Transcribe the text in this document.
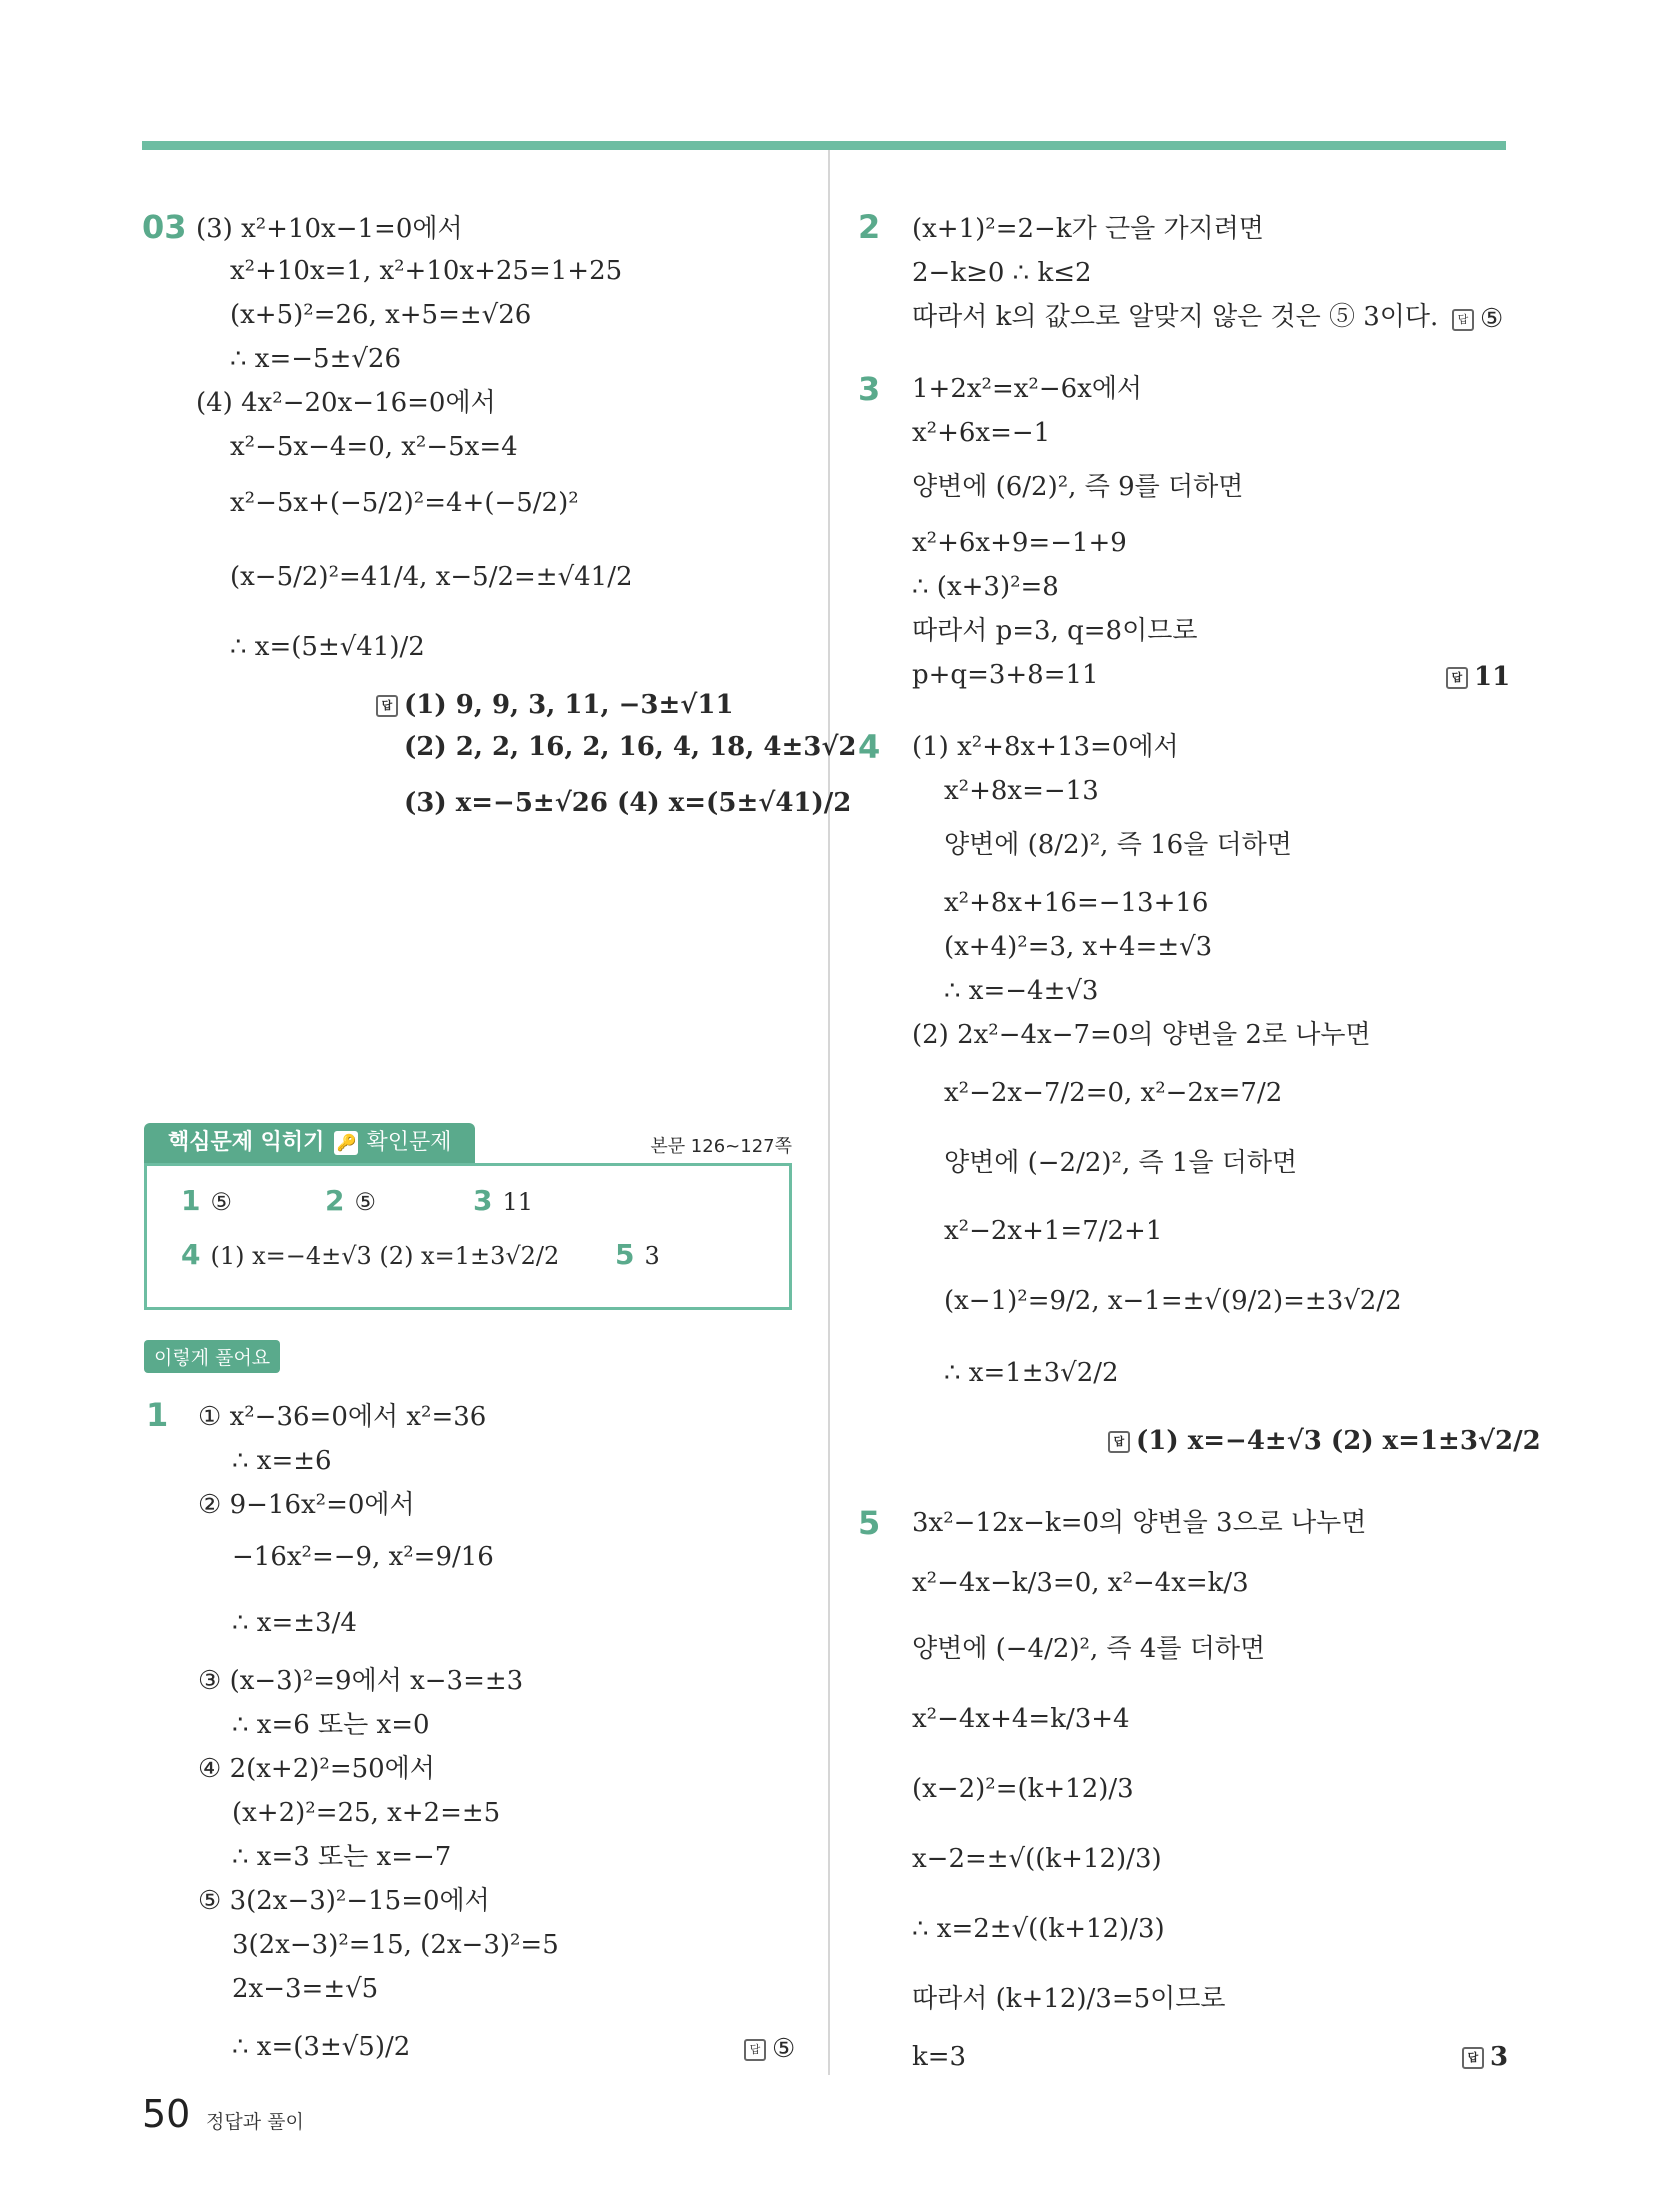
03 (3) x²+10x−1=0에서
x²+10x=1, x²+10x+25=1+25
(x+5)²=26, x+5=±√26
∴ x=−5±√26
(4) 4x²−20x−16=0에서
x²−5x−4=0, x²−5x=4
x²−5x+(−5/2)²=4+(−5/2)²
(x−5/2)²=41/4, x−5/2=±√41/2
∴ x=(5±√41)/2
답 (1) 9, 9, 3, 11, −3±√11
(2) 2, 2, 16, 2, 16, 4, 18, 4±3√2
(3) x=−5±√26 (4) x=(5±√41)/2
핵심문제 익히기 🔑 확인문제	본문 126~127쪽
1 ⑤	2 ⑤	3 11
4 (1) x=−4±√3 (2) x=1±3√2/2 5 3
이렇게 풀어요
1 ① x²−36=0에서 x²=36
∴ x=±6
② 9−16x²=0에서
−16x²=−9, x²=9/16
∴ x=±3/4
③ (x−3)²=9에서 x−3=±3
∴ x=6 또는 x=0
④ 2(x+2)²=50에서
(x+2)²=25, x+2=±5
∴ x=3 또는 x=−7
⑤ 3(2x−3)²−15=0에서
3(2x−3)²=15, (2x−3)²=5
2x−3=±√5
∴ x=(3±√5)/2	답 ⑤
2 (x+1)²=2−k가 근을 가지려면
2−k≥0 ∴ k≤2
따라서 k의 값으로 알맞지 않은 것은 ⑤ 3이다.	답 ⑤
3 1+2x²=x²−6x에서
x²+6x=−1
양변에 (6/2)², 즉 9를 더하면
x²+6x+9=−1+9
∴ (x+3)²=8
따라서 p=3, q=8이므로
p+q=3+8=11	답 11
4 (1) x²+8x+13=0에서
x²+8x=−13
양변에 (8/2)², 즉 16을 더하면
x²+8x+16=−13+16
(x+4)²=3, x+4=±√3
∴ x=−4±√3
(2) 2x²−4x−7=0의 양변을 2로 나누면
x²−2x−7/2=0, x²−2x=7/2
양변에 (−2/2)², 즉 1을 더하면
x²−2x+1=7/2+1
(x−1)²=9/2, x−1=±√(9/2)=±3√2/2
∴ x=1±3√2/2
답 (1) x=−4±√3 (2) x=1±3√2/2
5 3x²−12x−k=0의 양변을 3으로 나누면
x²−4x−k/3=0, x²−4x=k/3
양변에 (−4/2)², 즉 4를 더하면
x²−4x+4=k/3+4
(x−2)²=(k+12)/3
x−2=±√((k+12)/3)
∴ x=2±√((k+12)/3)
따라서 (k+12)/3=5이므로
k=3	답 3
50 정답과 풀이
